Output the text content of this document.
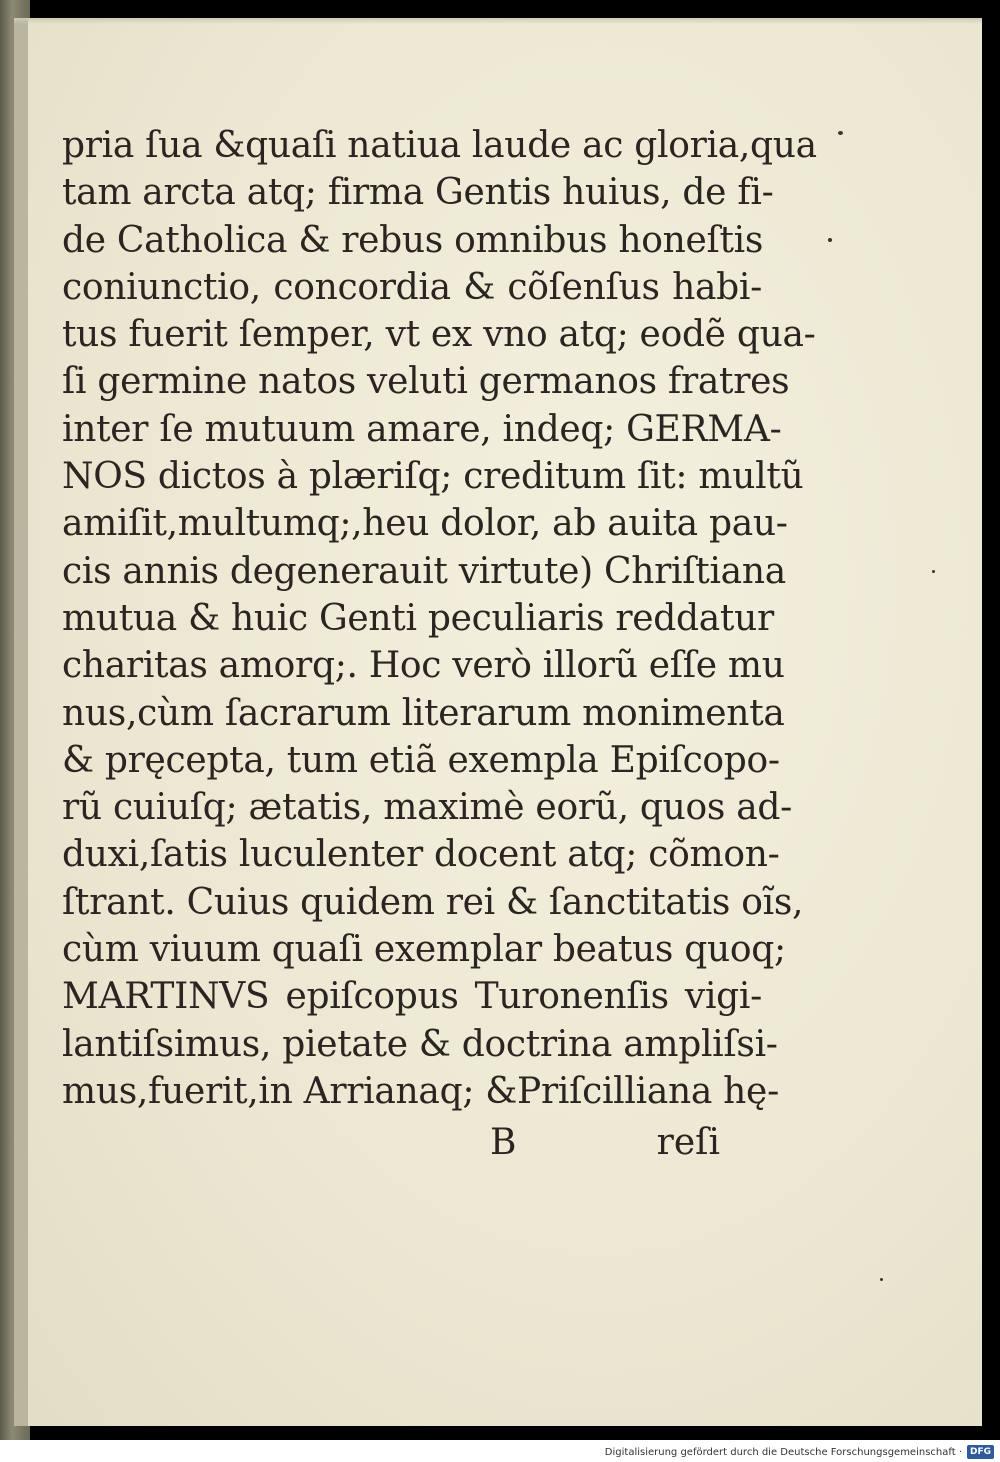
pria ſua &quaſi natiua laude ac gloria,qua
tam arcta atq; firma Gentis huius, de fi-
de Catholica & rebus omnibus honeſtis
coniunctio, concordia & cõſenſus habi-
tus fuerit ſemper, vt ex vno atq; eodẽ qua-
ſi germine natos veluti germanos fratres
inter ſe mutuum amare, indeq; GERMA-
NOS dictos à plæriſq; creditum ſit: multũ
amiſit,multumq;,heu dolor, ab auita pau-
cis annis degenerauit virtute) Chriſtiana
mutua & huic Genti peculiaris reddatur
charitas amorq;. Hoc verò illorũ eſſe mu
nus,cùm ſacrarum literarum monimenta
& pręcepta, tum etiã exempla Epiſcopo-
rũ cuiuſq; ætatis, maximè eorũ, quos ad-
duxi,ſatis luculenter docent atq; cõmon-
ſtrant. Cuius quidem rei & ſanctitatis oĩs,
cùm viuum quaſi exemplar beatus quoq;
MARTINVS epiſcopus Turonenſis vigi-
lantiſsimus, pietate & doctrina ampliſsi-
mus,fuerit,in Arrianaq; &Priſcilliana hę-
B	reſi
Digitalisierung gefördert durch die Deutsche Forschungsgemeinschaft · DFG
